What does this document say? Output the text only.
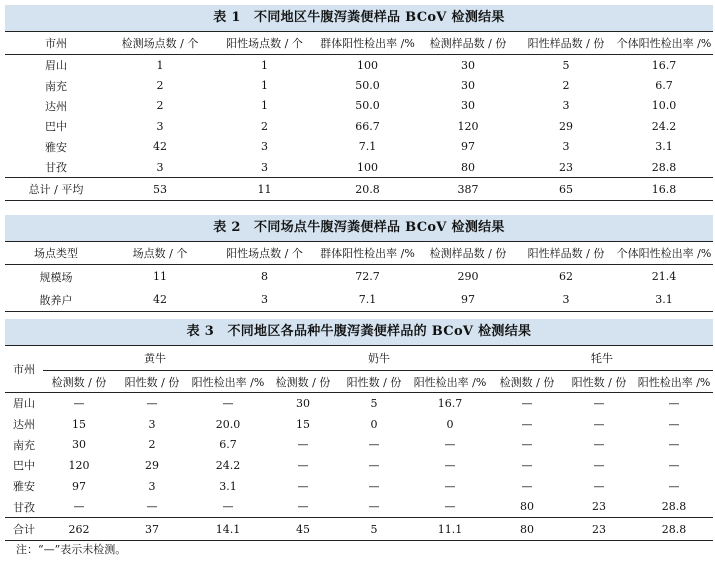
表 1　不同地区牛腹泻粪便样品 BCoV 检测结果
市州	检测场点数 / 个	阳性场点数 / 个	群体阳性检出率 /%	检测样品数 / 份	阳性样品数 / 份	个体阳性检出率 /%
眉山	1	1	100	30	5	16.7
南充	2	1	50.0	30	2	6.7
达州	2	1	50.0	30	3	10.0
巴中	3	2	66.7	120	29	24.2
雅安	42	3	7.1	97	3	3.1
甘孜	3	3	100	80	23	28.8
总计 / 平均	53	11	20.8	387	65	16.8
表 2　不同场点牛腹泻粪便样品 BCoV 检测结果
场点类型	场点数 / 个	阳性场点数 / 个	群体阳性检出率 /%	检测样品数 / 份	阳性样品数 / 份	个体阳性检出率 /%
规模场	11	8	72.7	290	62	21.4
散养户	42	3	7.1	97	3	3.1
表 3　不同地区各品种牛腹泻粪便样品的 BCoV 检测结果
市州	黄牛			奶牛			牦牛		
	检测数 / 份	阳性数 / 份	阳性检出率 /%	检测数 / 份	阳性数 / 份	阳性检出率 /%	检测数 / 份	阳性数 / 份	阳性检出率 /%
眉山	—	—	—	30	5	16.7	—	—	—
达州	15	3	20.0	15	0	0	—	—	—
南充	30	2	6.7	—	—	—	—	—	—
巴中	120	29	24.2	—	—	—	—	—	—
雅安	97	3	3.1	—	—	—	—	—	—
甘孜	—	—	—	—	—	—	80	23	28.8
合计	262	37	14.1	45	5	11.1	80	23	28.8
注：“—”表示未检测。
